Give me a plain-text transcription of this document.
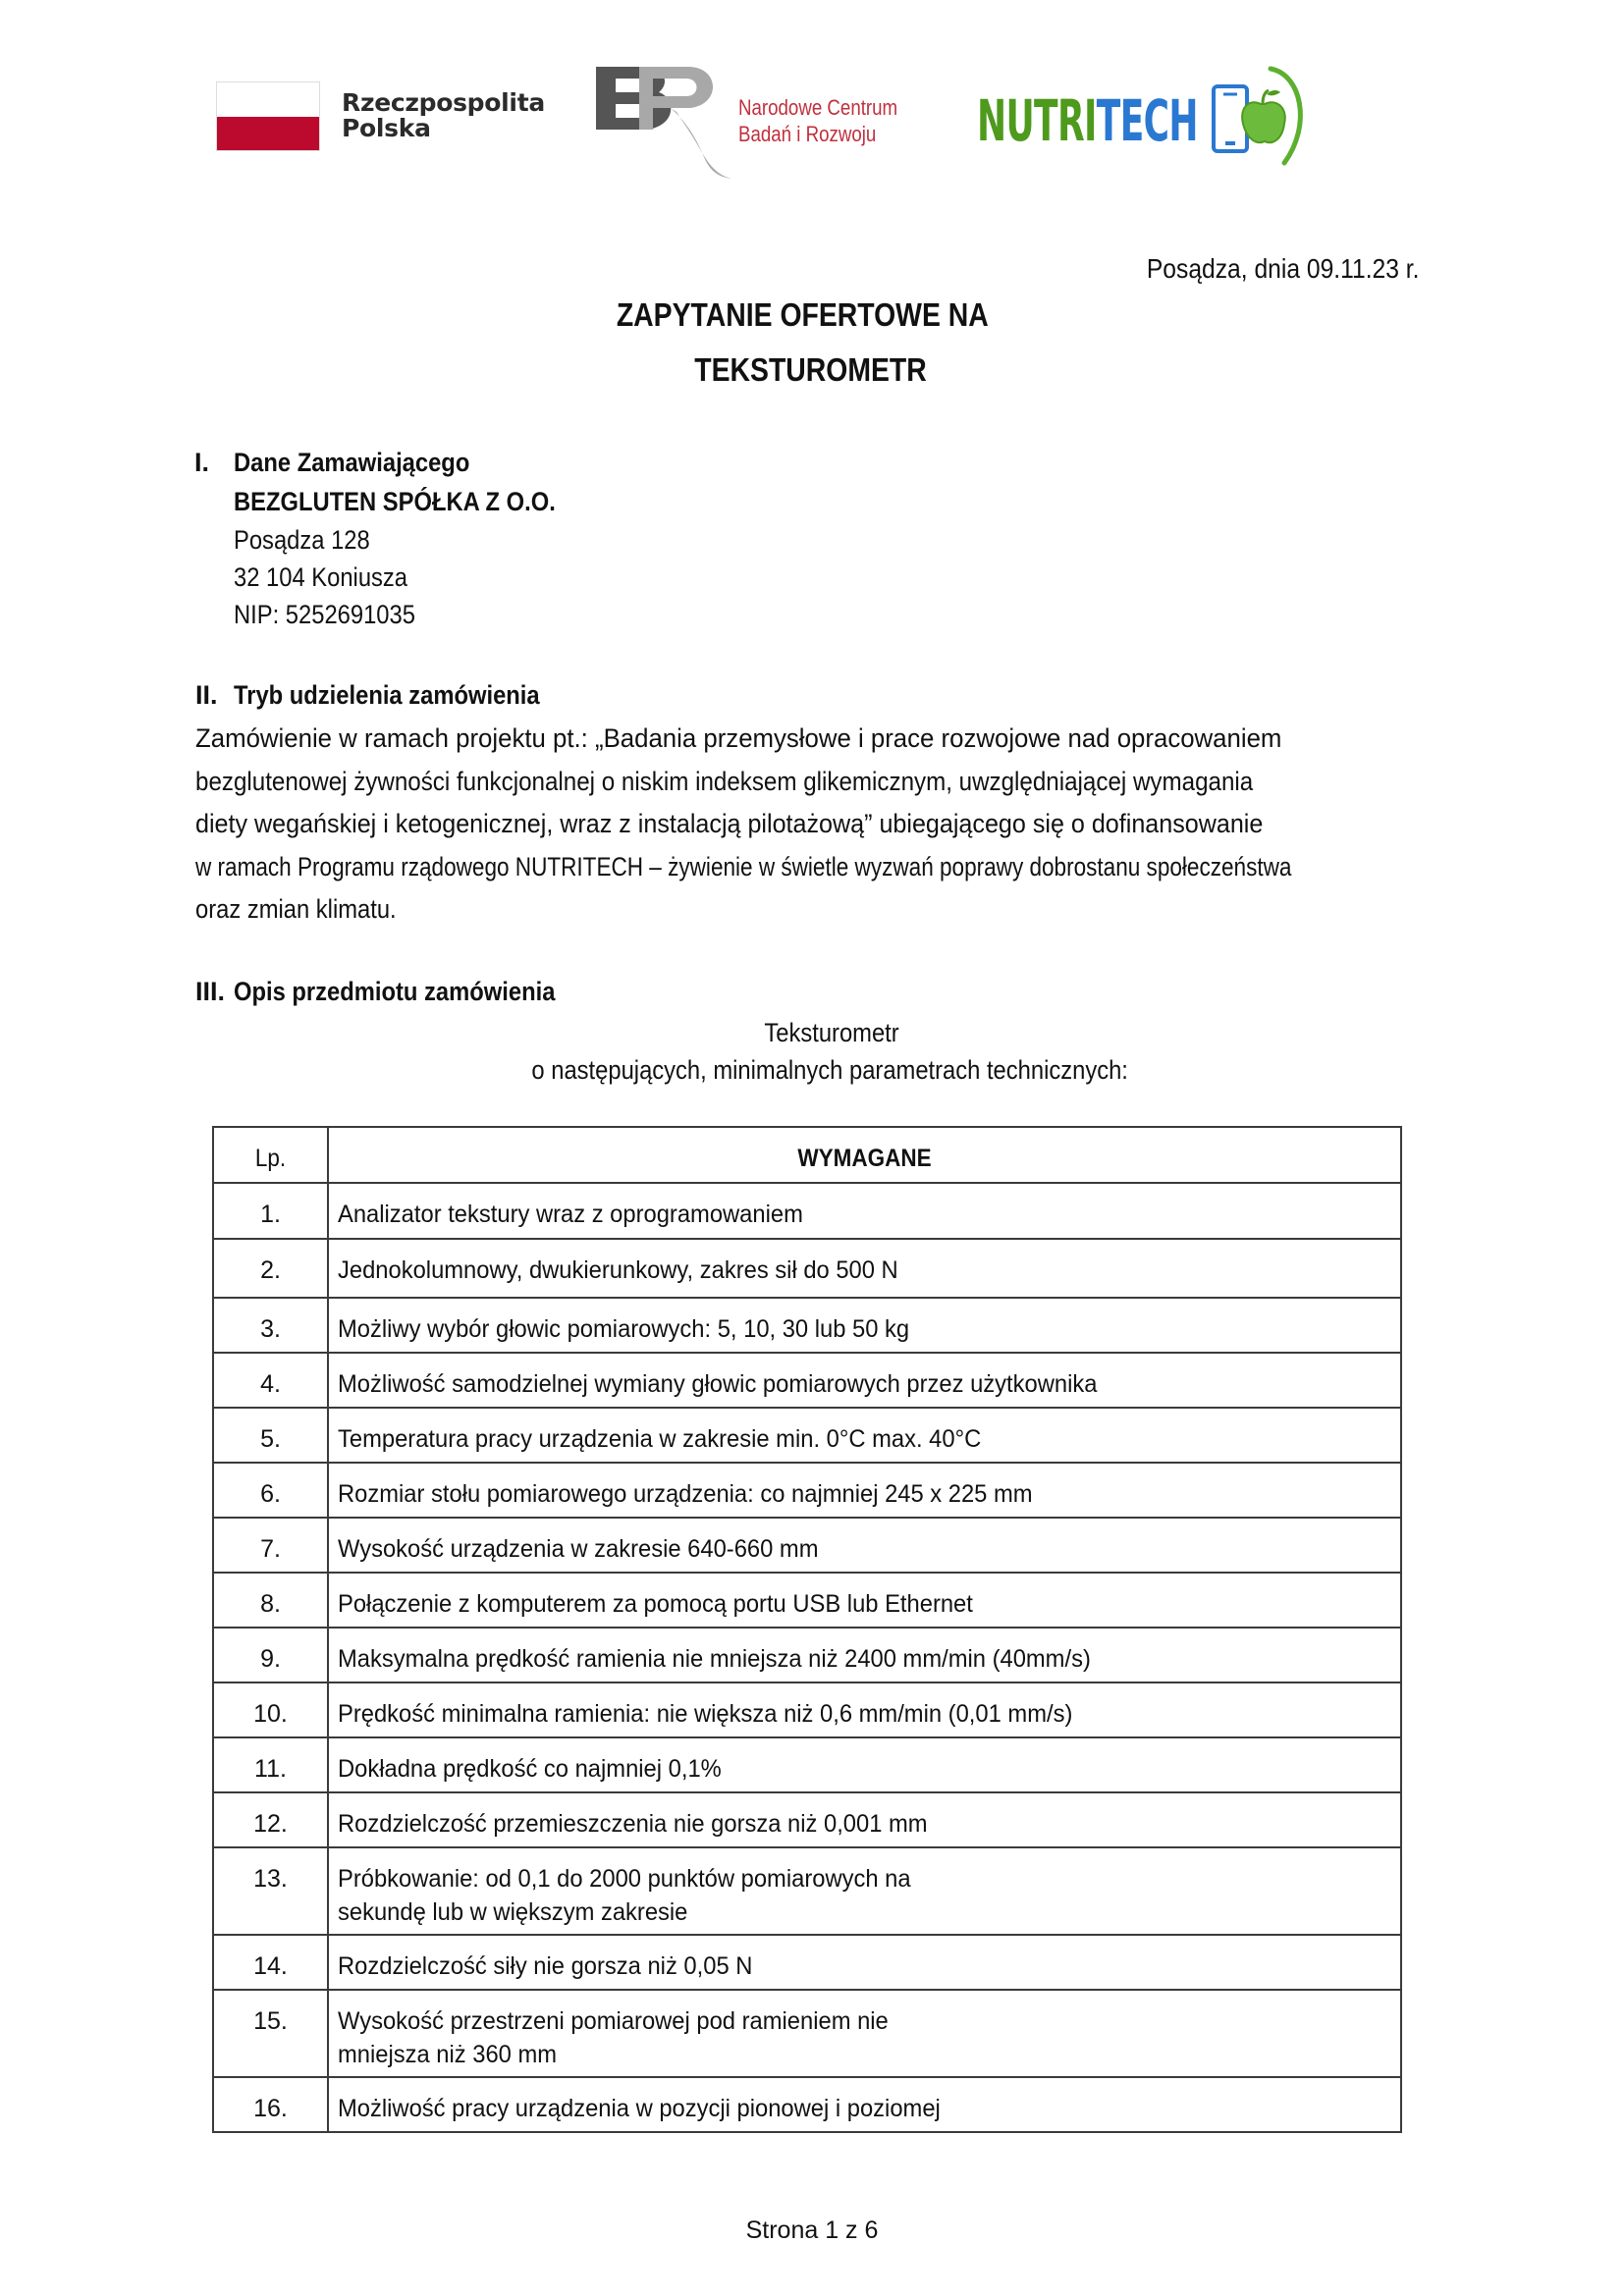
Rzeczpospolita
Polska
Narodowe Centrum
Badań i Rozwoju	NUTRITECH
Posądza, dnia 09.11.23 r.
ZAPYTANIE OFERTOWE NA
TEKSTUROMETR
I. Dane Zamawiającego
BEZGLUTEN SPÓŁKA Z O.O.
Posądza 128
32 104 Koniusza
NIP: 5252691035
II. Tryb udzielenia zamówienia
Zamówienie w ramach projektu pt.: „Badania przemysłowe i prace rozwojowe nad opracowaniem
bezglutenowej żywności funkcjonalnej o niskim indeksem glikemicznym, uwzględniającej wymagania
diety wegańskiej i ketogenicznej, wraz z instalacją pilotażową” ubiegającego się o dofinansowanie
w ramach Programu rządowego NUTRITECH – żywienie w świetle wyzwań poprawy dobrostanu społeczeństwa
oraz zmian klimatu.
III. Opis przedmiotu zamówienia
Teksturometr
o następujących, minimalnych parametrach technicznych:
Lp.	WYMAGANE

1.	Analizator tekstury wraz z oprogramowaniem

2.	Jednokolumnowy, dwukierunkowy, zakres sił do 500 N

3.	Możliwy wybór głowic pomiarowych: 5, 10, 30 lub 50 kg

4.	Możliwość samodzielnej wymiany głowic pomiarowych przez użytkownika

5.	Temperatura pracy urządzenia w zakresie min. 0°C max. 40°C

6.	Rozmiar stołu pomiarowego urządzenia: co najmniej 245 x 225 mm

7.	Wysokość urządzenia w zakresie 640-660 mm

8.	Połączenie z komputerem za pomocą portu USB lub Ethernet

9.	Maksymalna prędkość ramienia nie mniejsza niż 2400 mm/min (40mm/s)

10.	Prędkość minimalna ramienia: nie większa niż 0,6 mm/min (0,01 mm/s)

11.	Dokładna prędkość co najmniej 0,1%

12.	Rozdzielczość przemieszczenia nie gorsza niż 0,001 mm

13.	Próbkowanie: od 0,1 do 2000 punktów pomiarowych na
sekundę lub w większym zakresie

14.	Rozdzielczość siły nie gorsza niż 0,05 N

15.	Wysokość przestrzeni pomiarowej pod ramieniem nie
mniejsza niż 360 mm

16.	Możliwość pracy urządzenia w pozycji pionowej i poziomej
Strona 1 z 6
